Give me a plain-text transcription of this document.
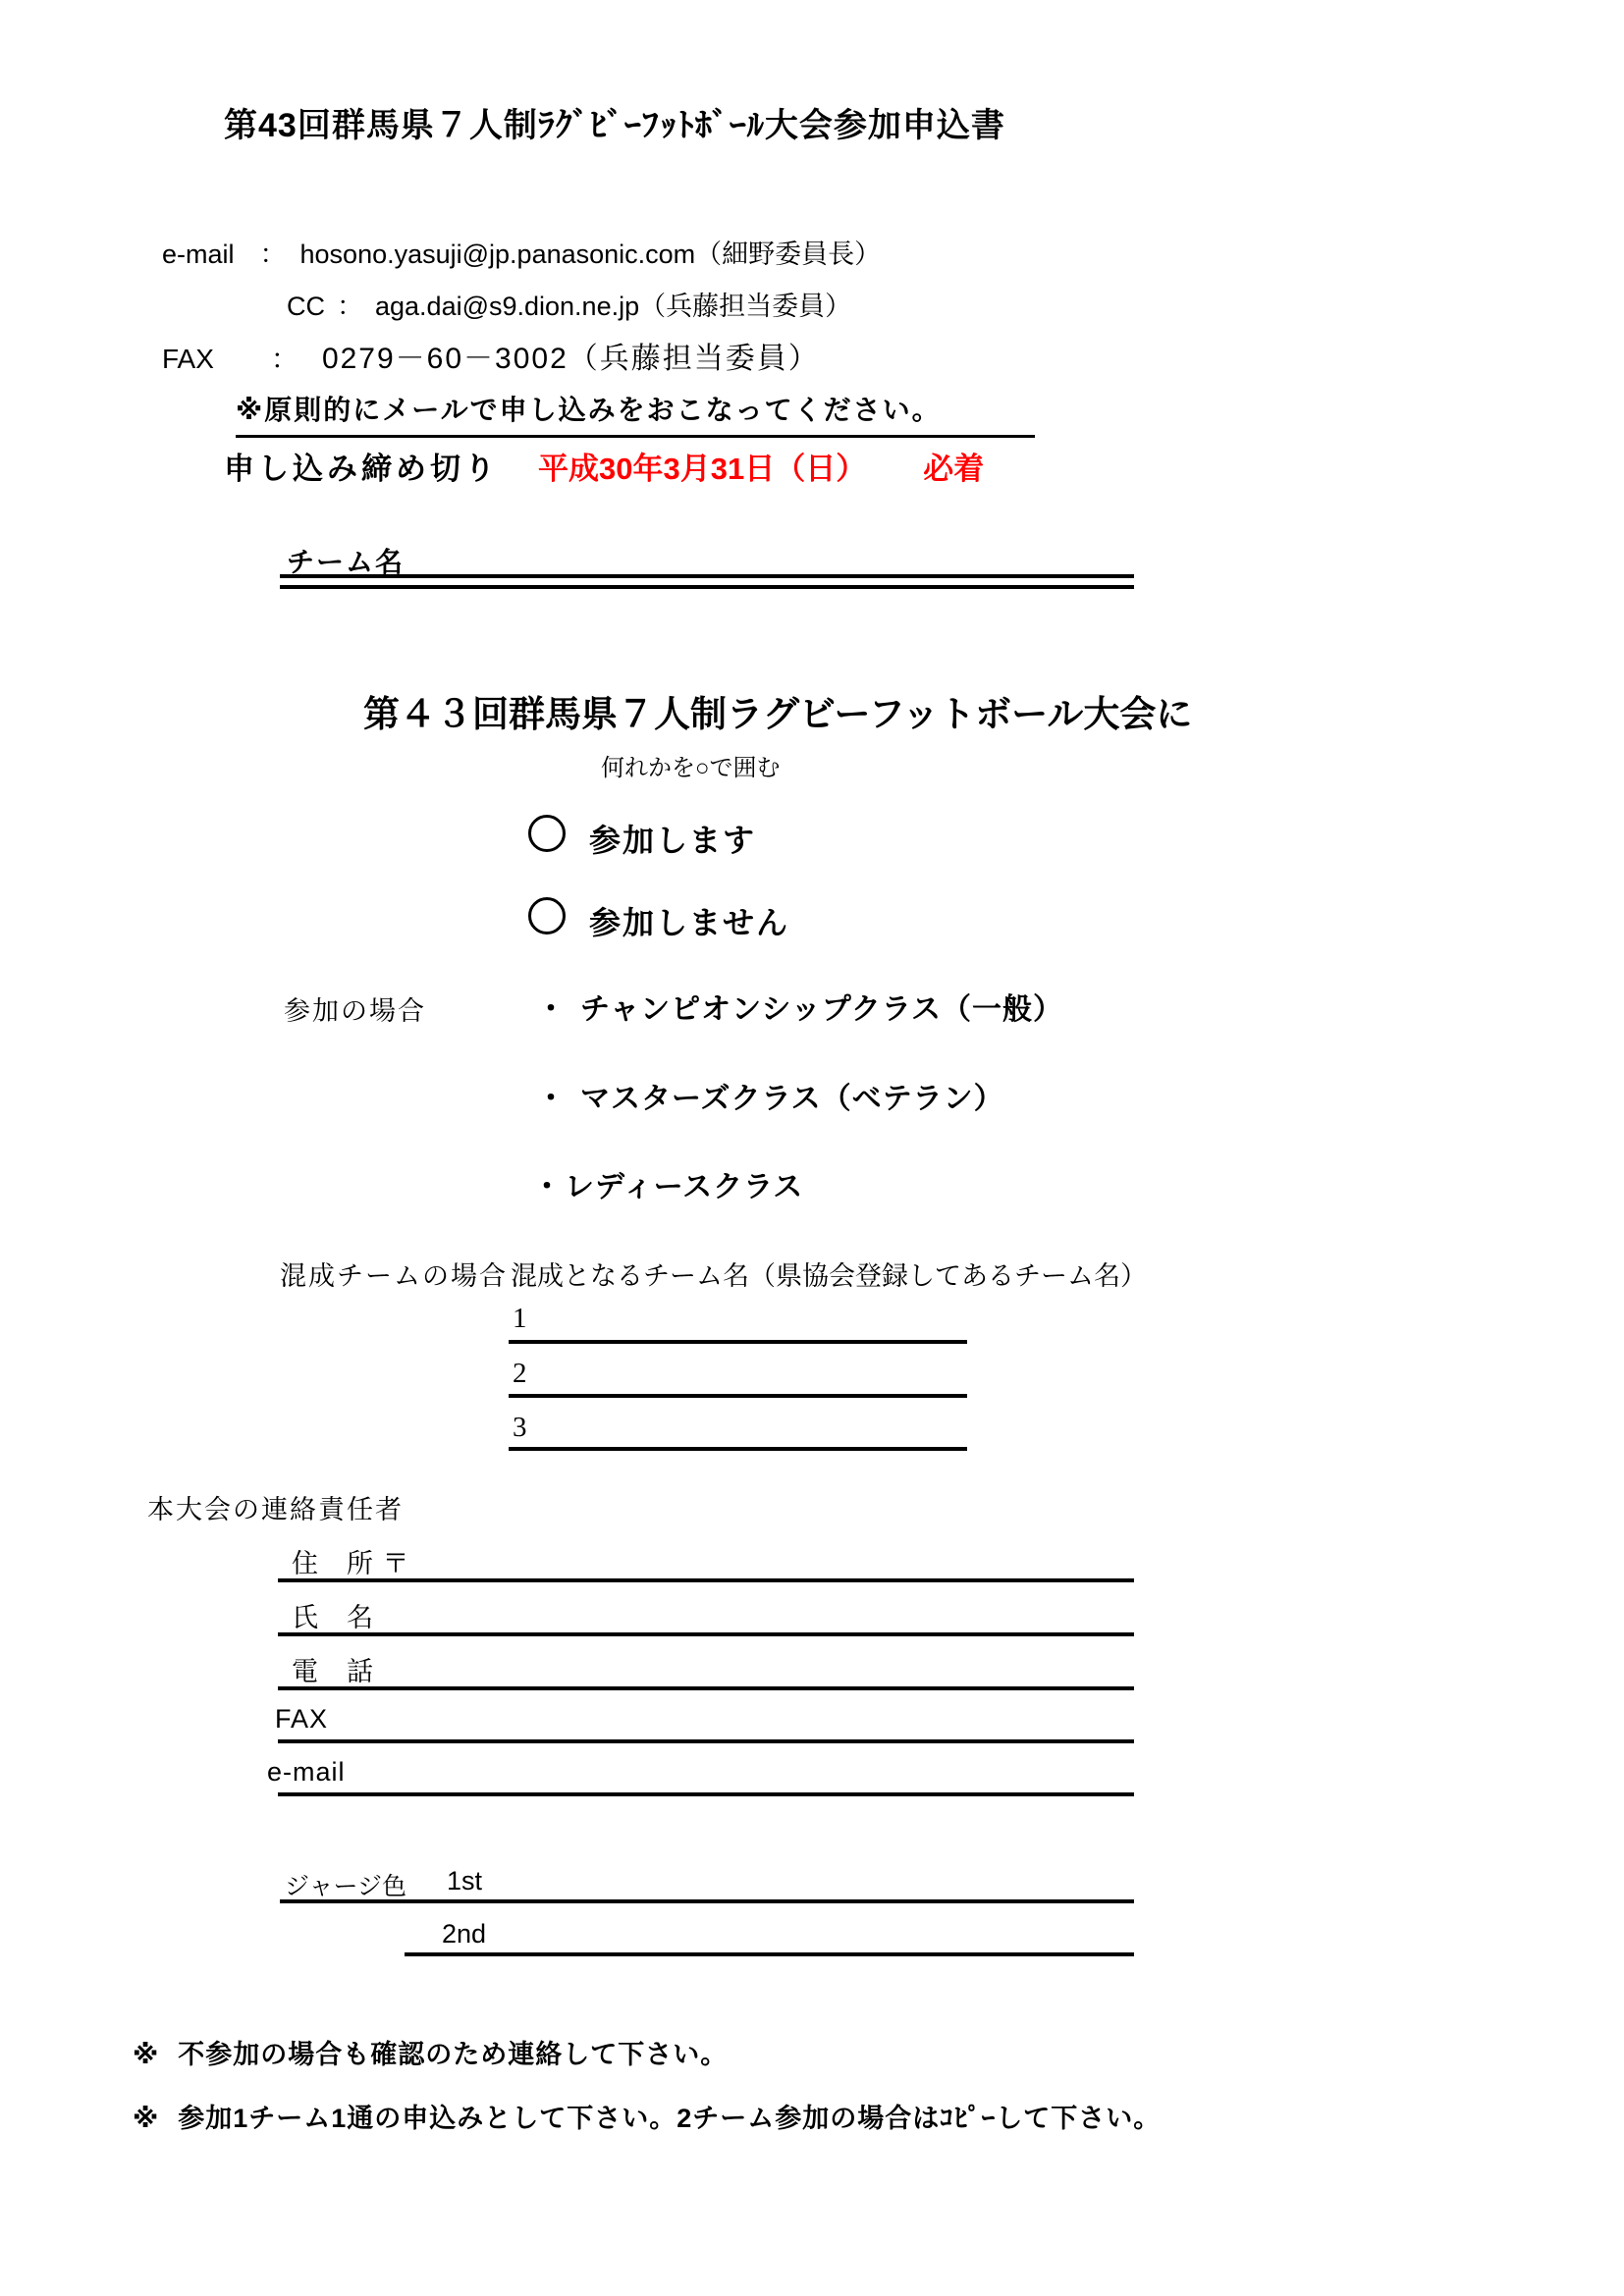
第43回群馬県７人制ﾗｸﾞﾋﾞｰﾌｯﾄﾎﾞｰﾙ大会参加申込書
e-mail ： hosono.yasuji@jp.panasonic.com（細野委員長）
CC ： aga.dai@s9.dion.ne.jp（兵藤担当委員）
FAX ： 0279－60－3002（兵藤担当委員）
※原則的にメールで申し込みをおこなってください。
申し込み締め切り 平成30年3月31日（日） 必着
チーム名
第４３回群馬県７人制ラグビーフットボール大会に
何れかを○で囲む
参加します
参加しません
参加の場合	・ チャンピオンシップクラス（一般）
・ マスターズクラス（ベテラン）
・レディースクラス
混成チームの場合 混成となるチーム名（県協会登録してあるチーム名）
1
2
3
本大会の連絡責任者
住　所 〒
氏　名
電　話
FAX
e-mail
ジャージ色 1st
2nd
※ 不参加の場合も確認のため連絡して下さい。
※ 参加1チーム1通の申込みとして下さい。2チーム参加の場合はｺﾋﾟｰして下さい。
